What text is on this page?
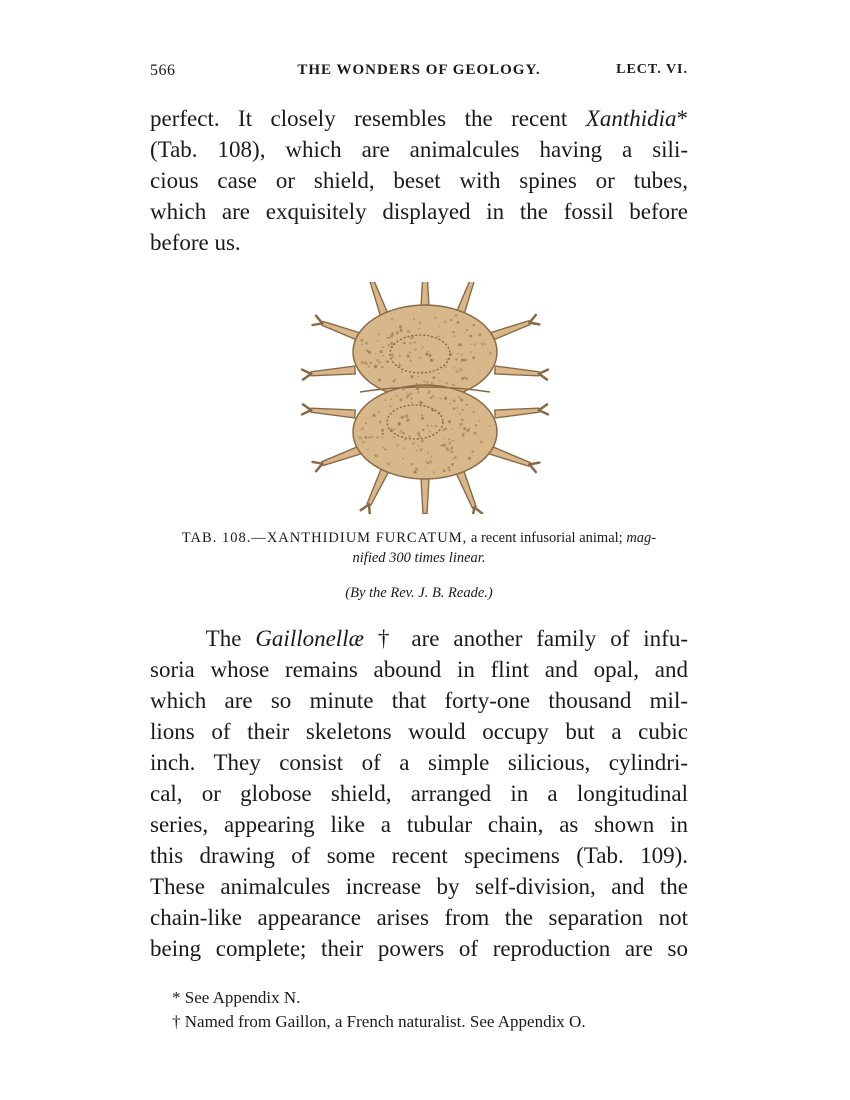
566	THE WONDERS OF GEOLOGY.	LECT. VI.
perfect. It closely resembles the recent Xanthidia*
(Tab. 108), which are animalcules having a sili-
cious case or shield, beset with spines or tubes,
which are exquisitely displayed in the fossil before
before us.
TAB. 108.—XANTHIDIUM FURCATUM, a recent infusorial animal; mag-
nified 300 times linear.
(By the Rev. J. B. Reade.)
The Gaillonellæ † are another family of infu-
soria whose remains abound in flint and opal, and
which are so minute that forty-one thousand mil-
lions of their skeletons would occupy but a cubic
inch. They consist of a simple silicious, cylindri-
cal, or globose shield, arranged in a longitudinal
series, appearing like a tubular chain, as shown in
this drawing of some recent specimens (Tab. 109).
These animalcules increase by self-division, and the
chain-like appearance arises from the separation not
being complete; their powers of reproduction are so
* See Appendix N.
† Named from Gaillon, a French naturalist. See Appendix O.
